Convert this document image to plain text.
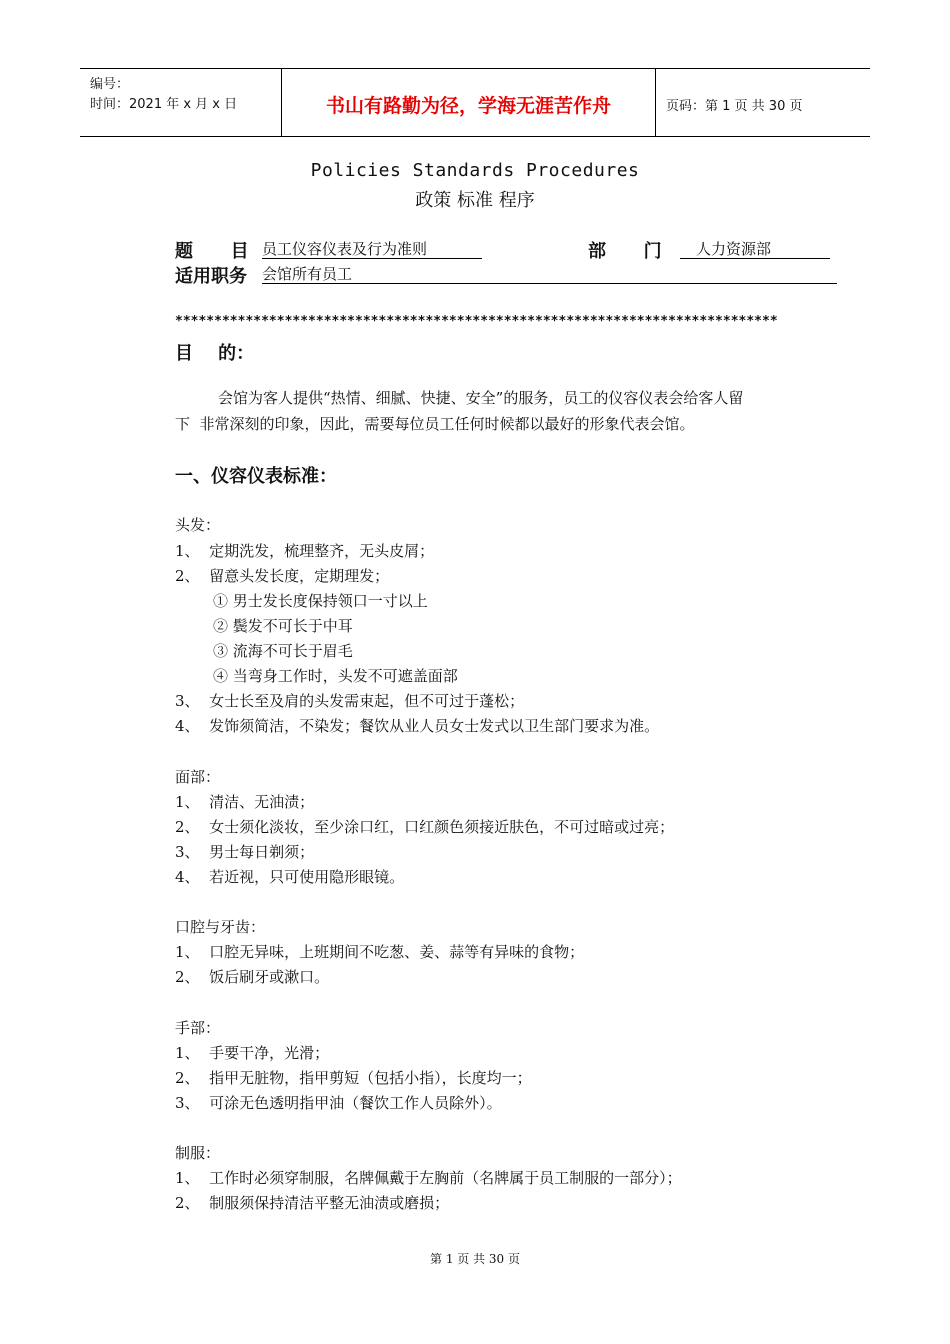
编号：
时间：2021 年 x 月 x 日	书山有路勤为径，学海无涯苦作舟	页码：第 1 页 共 30 页
Policies Standards Procedures
政策 标准 程序
题      目 员工仪容仪表及行为准则	部      门	人力资源部
适用职务 会馆所有员工
*****************************************************************************
目    的：
会馆为客人提供“热情、细腻、快捷、安全”的服务，员工的仪容仪表会给客人留
下  非常深刻的印象，因此，需要每位员工任何时候都以最好的形象代表会馆。
一、仪容仪表标准：
头发：
1、  定期洗发，梳理整齐，无头皮屑；
2、  留意头发长度，定期理发；
① 男士发长度保持领口一寸以上
② 鬓发不可长于中耳
③ 流海不可长于眉毛
④ 当弯身工作时，头发不可遮盖面部
3、  女士长至及肩的头发需束起，但不可过于蓬松；
4、  发饰须简洁，不染发；餐饮从业人员女士发式以卫生部门要求为准。
面部：
1、  清洁、无油渍；
2、  女士须化淡妆，至少涂口红，口红颜色须接近肤色，不可过暗或过亮；
3、  男士每日剃须；
4、  若近视，只可使用隐形眼镜。
口腔与牙齿：
1、  口腔无异味，上班期间不吃葱、姜、蒜等有异味的食物；
2、  饭后刷牙或漱口。
手部：
1、  手要干净，光滑；
2、  指甲无脏物，指甲剪短（包括小指），长度均一；
3、  可涂无色透明指甲油（餐饮工作人员除外）。
制服：
1、  工作时必须穿制服，名牌佩戴于左胸前（名牌属于员工制服的一部分）；
2、  制服须保持清洁平整无油渍或磨损；
第 1 页 共 30 页
